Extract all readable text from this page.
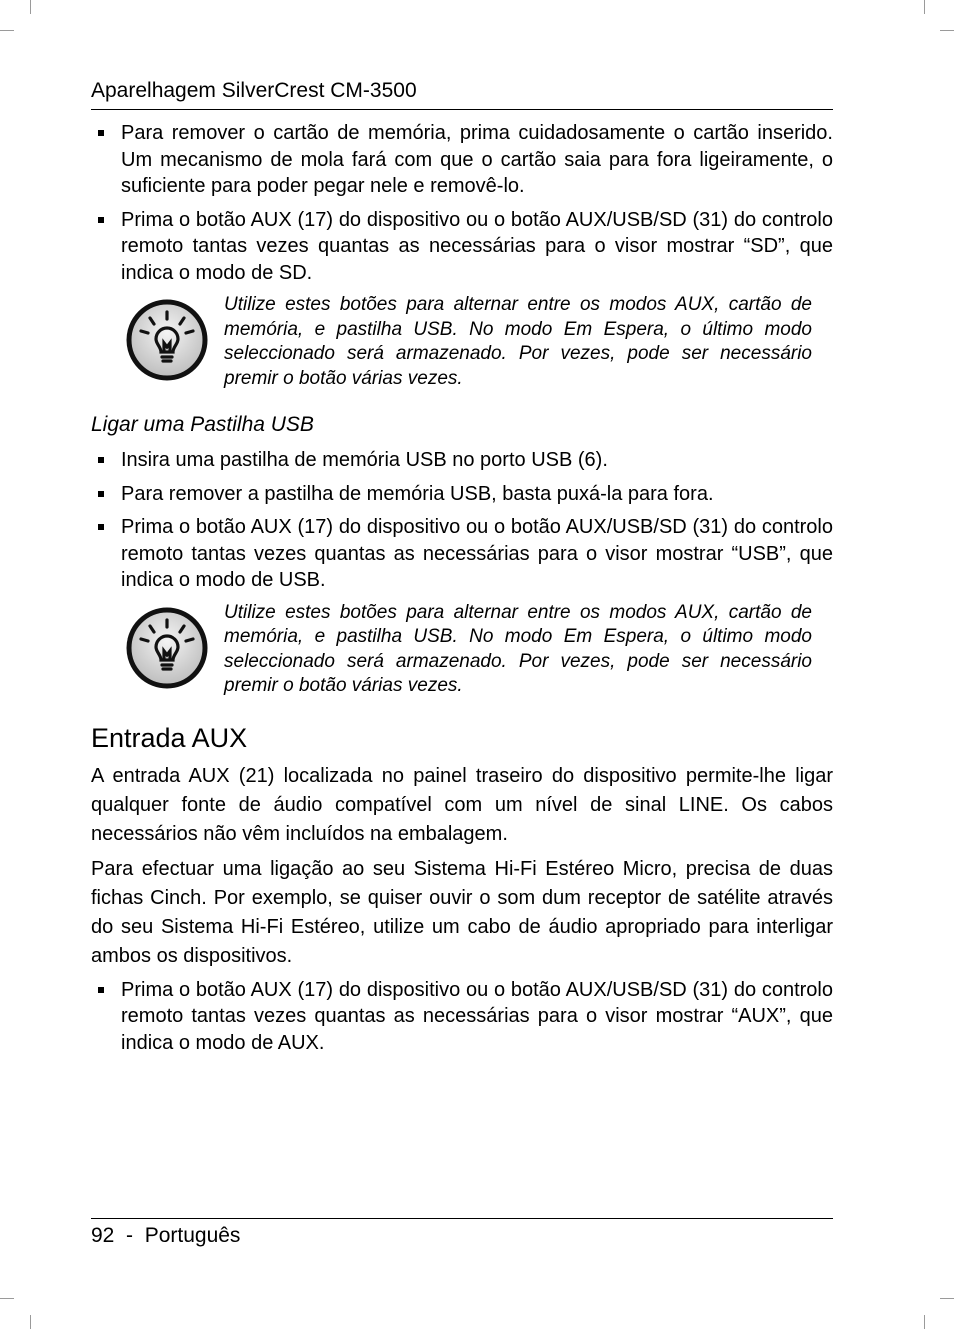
Aparelhagem SilverCrest CM-3500
Para remover o cartão de memória, prima cuidadosamente o cartão inserido. Um mecanismo de mola fará com que o cartão saia para fora ligeiramente, o suficiente para poder pegar nele e removê-lo.
Prima o botão AUX (17) do dispositivo ou o botão AUX/USB/SD (31) do controlo remoto tantas vezes quantas as necessárias para o visor mostrar “SD”, que indica o modo de SD.
Utilize estes botões para alternar entre os modos AUX, cartão de memória, e pastilha USB. No modo Em Espera, o último modo seleccionado será armazenado. Por vezes, pode ser necessário premir o botão várias vezes.
Ligar uma Pastilha USB
Insira uma pastilha de memória USB no porto USB (6).
Para remover a pastilha de memória USB, basta puxá-la para fora.
Prima o botão AUX (17) do dispositivo ou o botão AUX/USB/SD (31) do controlo remoto tantas vezes quantas as necessárias para o visor mostrar “USB”, que indica o modo de USB.
Utilize estes botões para alternar entre os modos AUX, cartão de memória, e pastilha USB. No modo Em Espera, o último modo seleccionado será armazenado. Por vezes, pode ser necessário premir o botão várias vezes.
Entrada AUX

A entrada AUX (21) localizada no painel traseiro do dispositivo permite-lhe ligar qualquer fonte de áudio compatível com um nível de sinal LINE. Os cabos necessários não vêm incluídos na embalagem.

Para efectuar uma ligação ao seu Sistema Hi-Fi Estéreo Micro, precisa de duas fichas Cinch. Por exemplo, se quiser ouvir o som dum receptor de satélite através do seu Sistema Hi-Fi Estéreo, utilize um cabo de áudio apropriado para interligar ambos os dispositivos.

Prima o botão AUX (17) do dispositivo ou o botão AUX/USB/SD (31) do controlo remoto tantas vezes quantas as necessárias para o visor mostrar “AUX”, que indica o modo de AUX.
92 - Português
